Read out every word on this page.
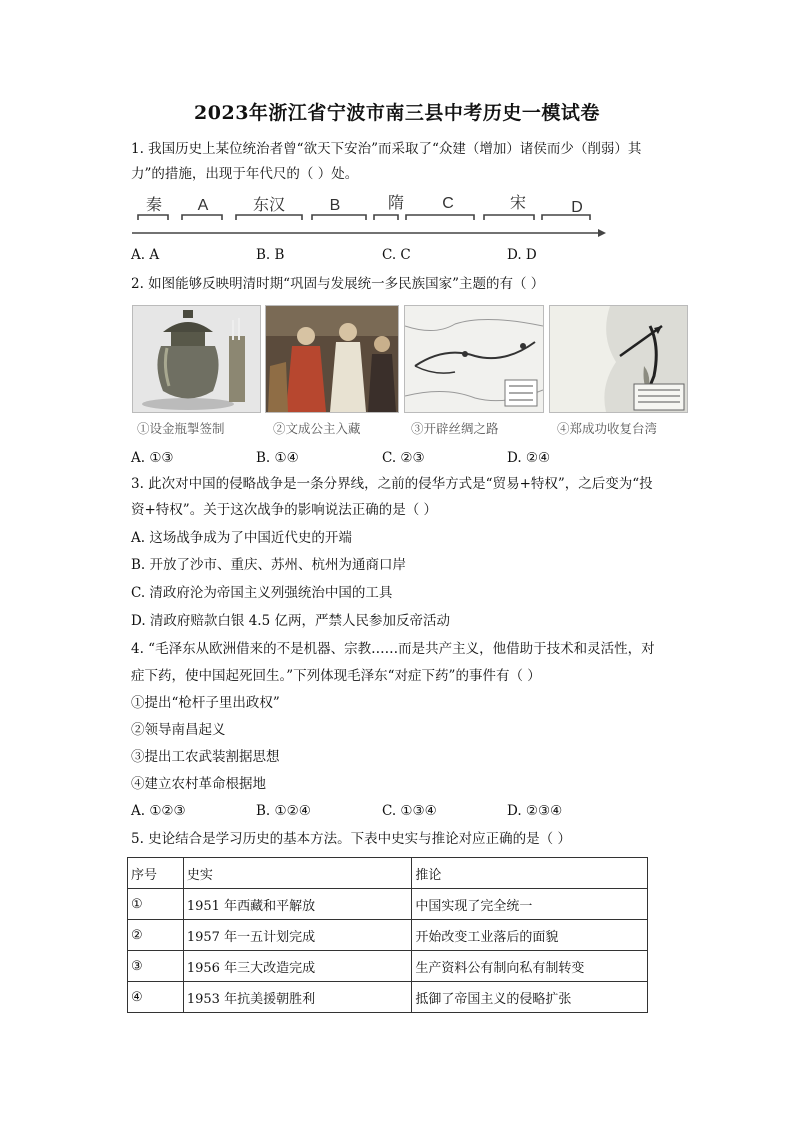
2023年浙江省宁波市南三县中考历史一模试卷
1. 我国历史上某位统治者曾“欲天下安治”而采取了“众建（增加）诸侯而少（削弱）其
力”的措施，出现于年代尺的（ ）处。
秦 A	东汉	B	隋 C	宋	D
A. A	B. B	C. C	D. D
2. 如图能够反映明清时期“巩固与发展统一多民族国家”主题的有（ ）
①设金瓶掣签制	②文成公主入藏	③开辟丝绸之路	④郑成功收复台湾
A. ①③	B. ①④	C. ②③	D. ②④
3. 此次对中国的侵略战争是一条分界线，之前的侵华方式是“贸易+特权”，之后变为“投
资+特权”。关于这次战争的影响说法正确的是（ ）
A. 这场战争成为了中国近代史的开端
B. 开放了沙市、重庆、苏州、杭州为通商口岸
C. 清政府沦为帝国主义列强统治中国的工具
D. 清政府赔款白银 4.5 亿两，严禁人民参加反帝活动
4. “毛泽东从欧洲借来的不是机器、宗教……而是共产主义，他借助于技术和灵活性，对
症下药，使中国起死回生。”下列体现毛泽东“对症下药”的事件有（ ）
①提出“枪杆子里出政权”
②领导南昌起义
③提出工农武装割据思想
④建立农村革命根据地
A. ①②③	B. ①②④	C. ①③④	D. ②③④
5. 史论结合是学习历史的基本方法。下表中史实与推论对应正确的是（ ）
序号	史实	推论
①	1951 年西藏和平解放	中国实现了完全统一
②	1957 年一五计划完成	开始改变工业落后的面貌
③	1956 年三大改造完成	生产资料公有制向私有制转变
④	1953 年抗美援朝胜利	抵御了帝国主义的侵略扩张
